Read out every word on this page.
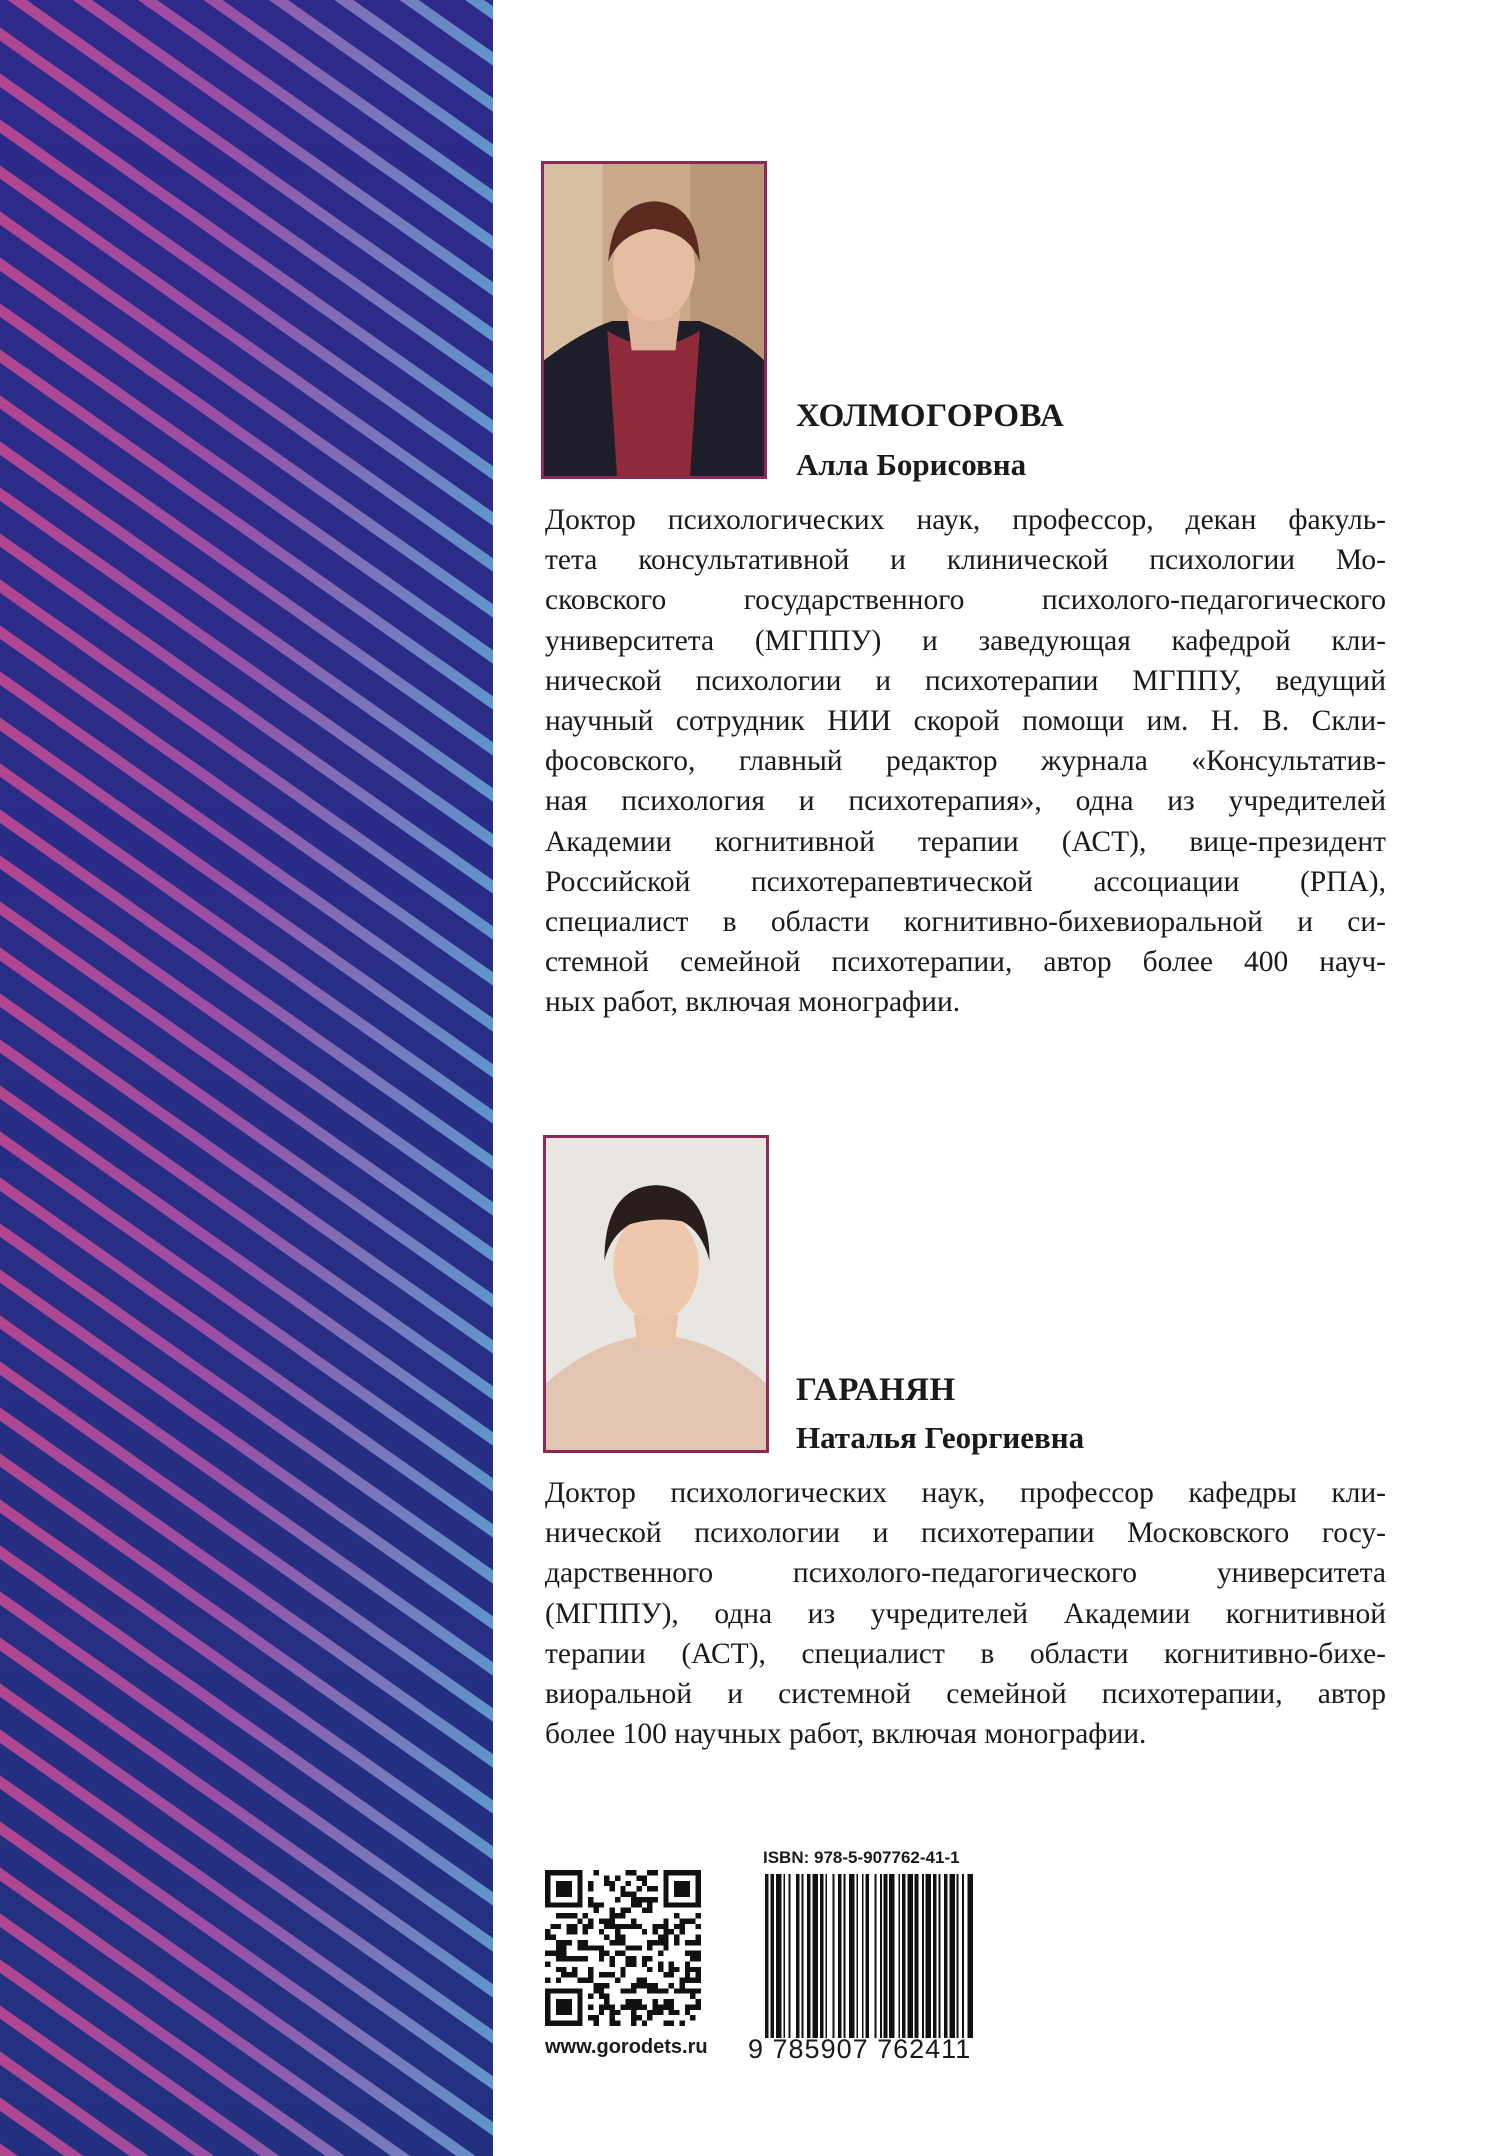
ХОЛМОГОРОВА
Алла Борисовна
Доктор психологических наук, профессор, декан факуль-
тета консультативной и клинической психологии Мо-
сковского государственного психолого-педагогического
университета (МГППУ) и заведующая кафедрой кли-
нической психологии и психотерапии МГППУ, ведущий
научный сотрудник НИИ скорой помощи им. Н. В. Скли-
фосовского, главный редактор журнала «Консультатив-
ная психология и психотерапия», одна из учредителей
Академии когнитивной терапии (АСТ), вице-президент
Российской психотерапевтической ассоциации (РПА),
специалист в области когнитивно-бихевиоральной и си-
стемной семейной психотерапии, автор более 400 науч-
ных работ, включая монографии.
ГАРАНЯН
Наталья Георгиевна
Доктор психологических наук, профессор кафедры кли-
нической психологии и психотерапии Московского госу-
дарственного психолого-педагогического университета
(МГППУ), одна из учредителей Академии когнитивной
терапии (АСТ), специалист в области когнитивно-бихе-
виоральной и системной семейной психотерапии, автор
более 100 научных работ, включая монографии.
www.gorodets.ru
ISBN: 978-5-907762-41-1
9 785907 762411
